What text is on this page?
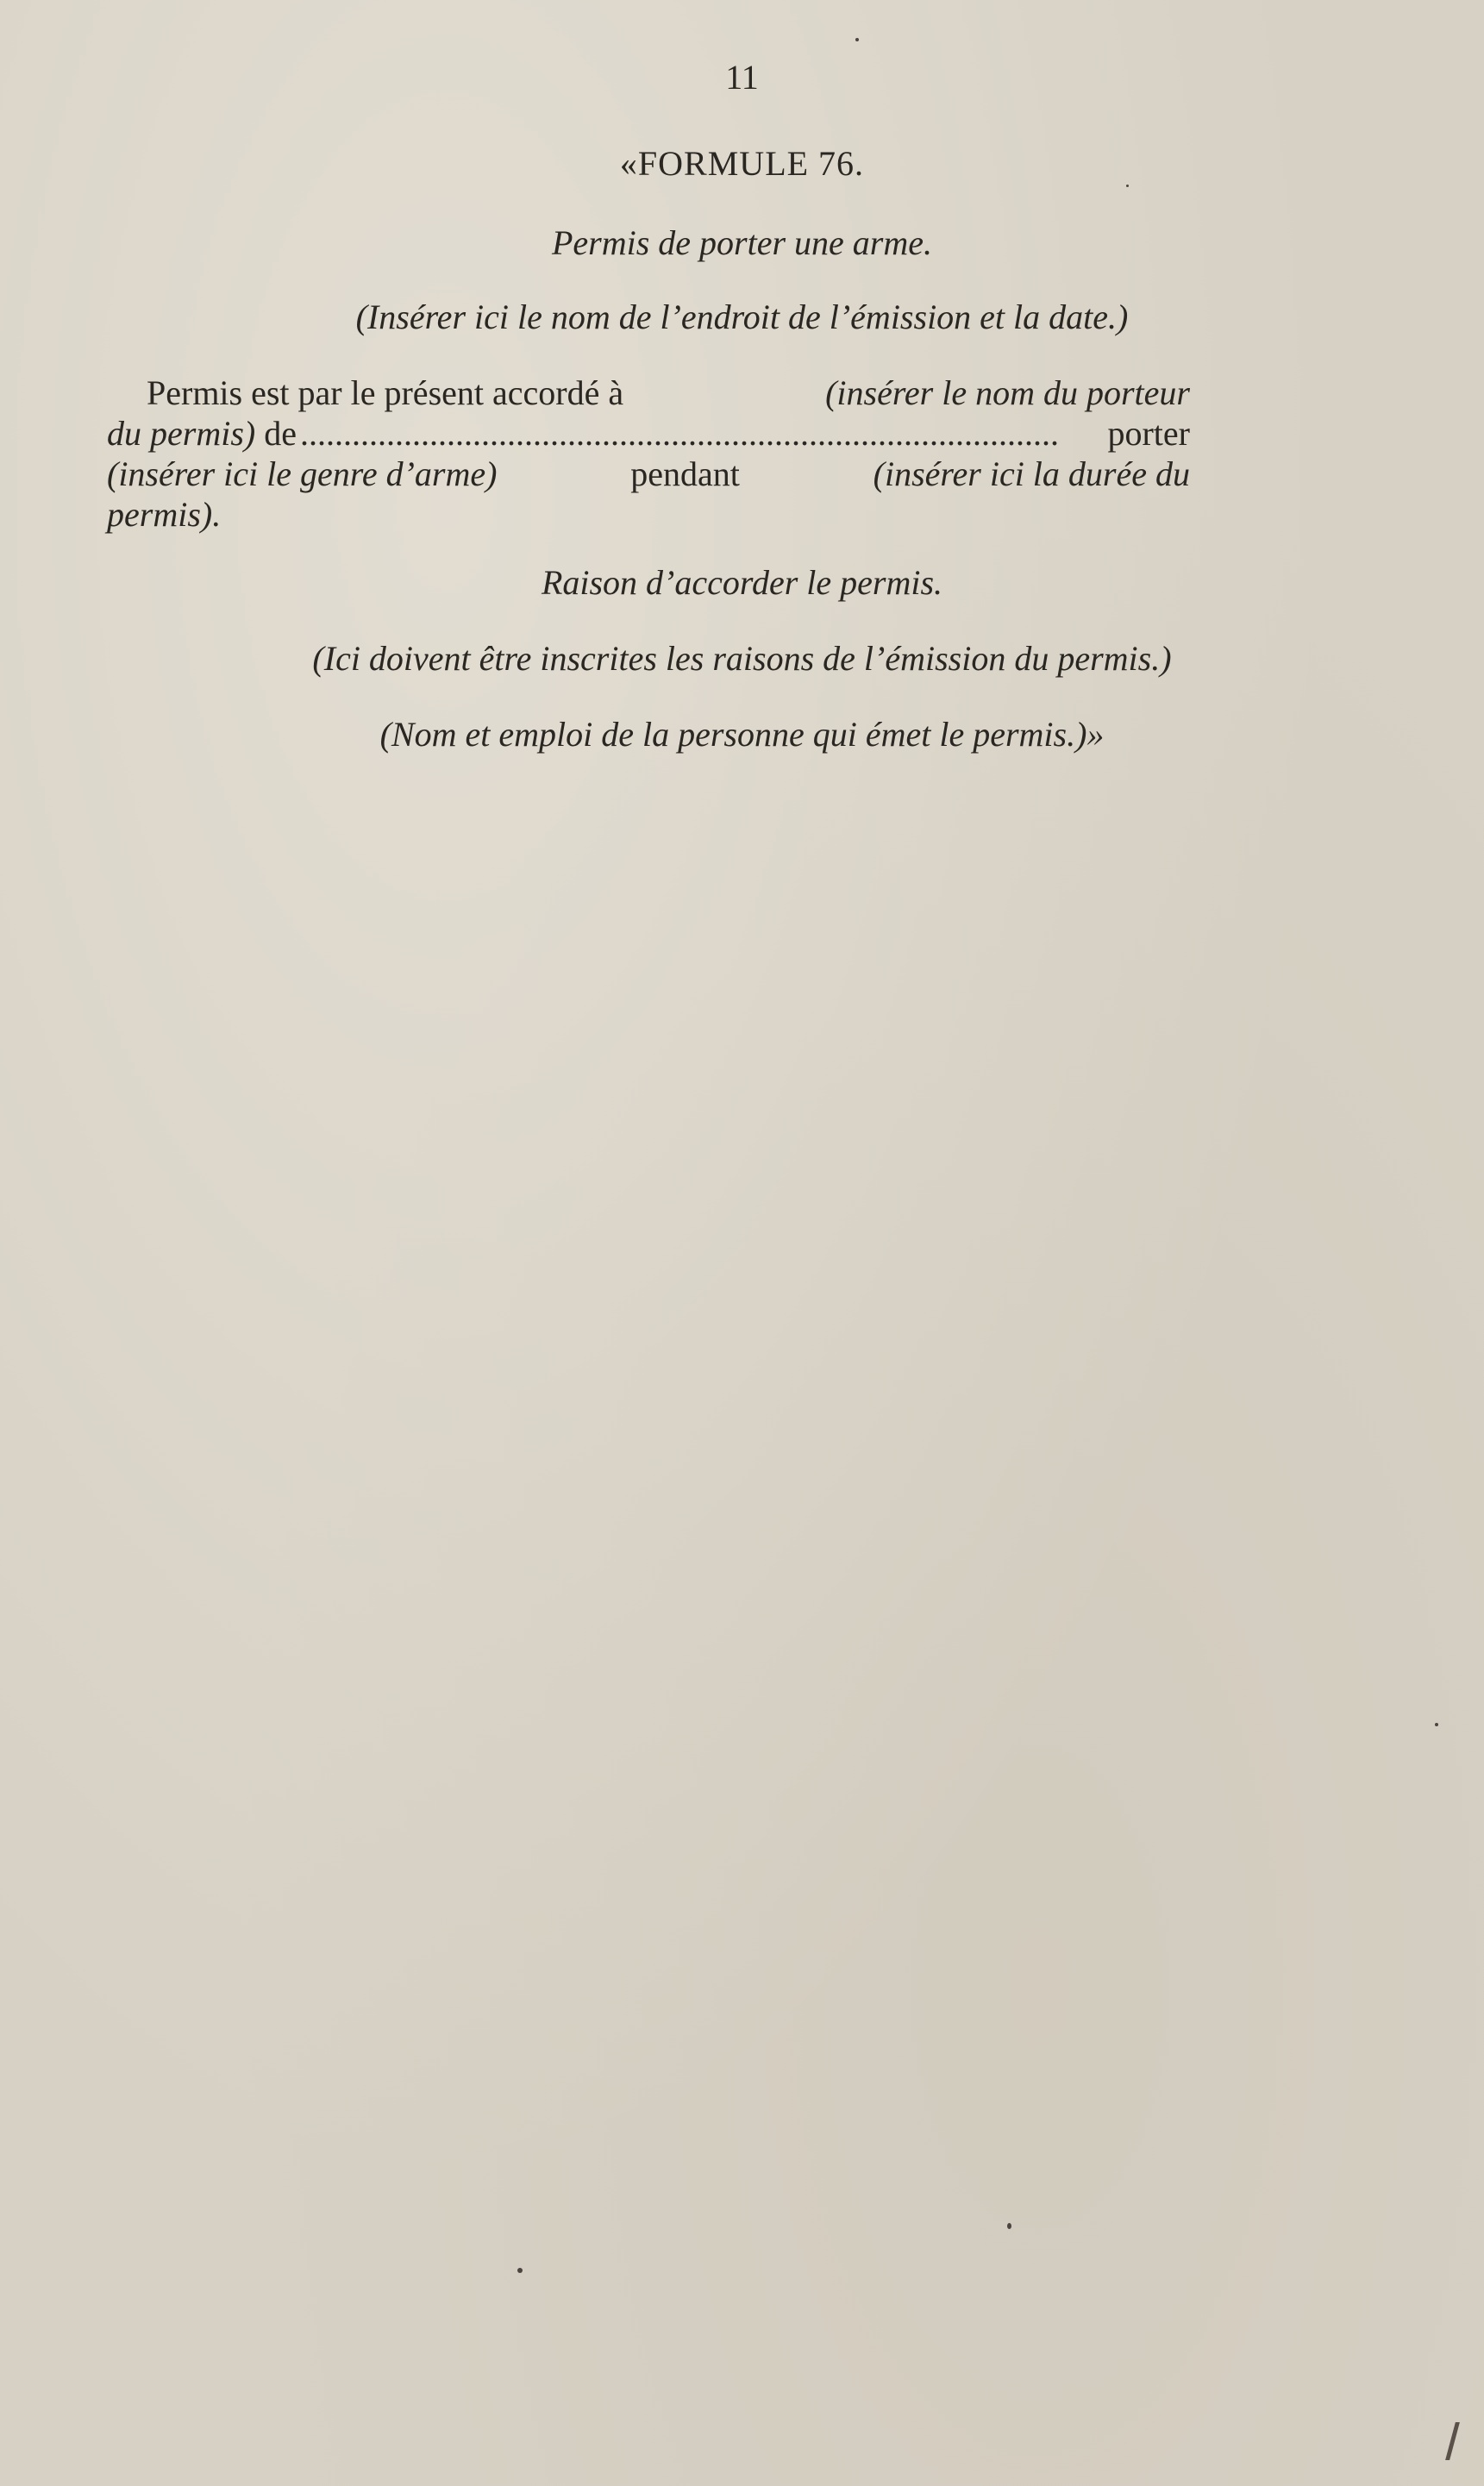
11
«FORMULE 76.
Permis de porter une arme.
(Insérer ici le nom de l’endroit de l’émission et la date.)
Permis est par le présent accordé à	(insérer le nom du porteur
du permis) de ........................................................................................	porter
(insérer ici le genre d’arme)	pendant	(insérer ici la durée du
permis).
Raison d’accorder le permis.
(Ici doivent être inscrites les raisons de l’émission du permis.)
(Nom et emploi de la personne qui émet le permis.)»
